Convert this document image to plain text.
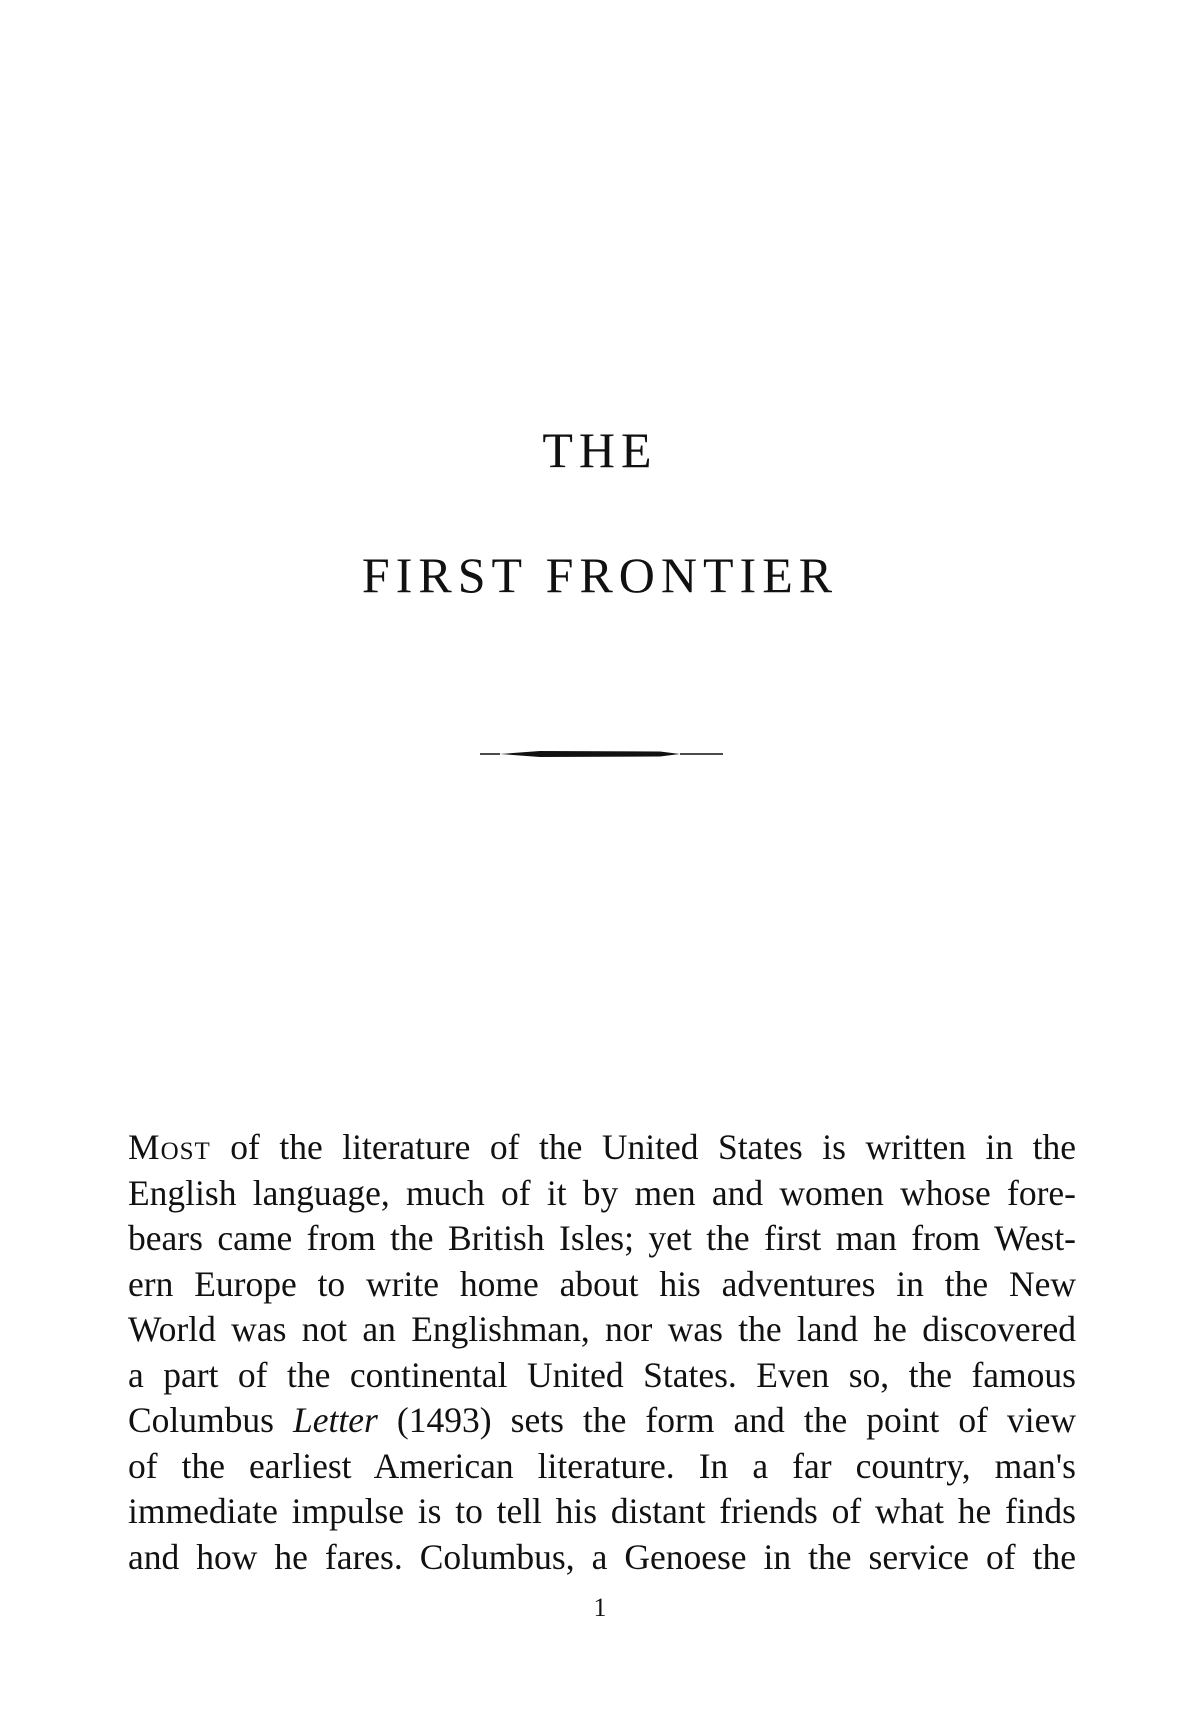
THE
FIRST FRONTIER
Most of the literature of the United States is written in the
English language, much of it by men and women whose fore-
bears came from the British Isles; yet the first man from West-
ern Europe to write home about his adventures in the New
World was not an Englishman, nor was the land he discovered
a part of the continental United States. Even so, the famous
Columbus Letter (1493) sets the form and the point of view
of the earliest American literature. In a far country, man's
immediate impulse is to tell his distant friends of what he finds
and how he fares. Columbus, a Genoese in the service of the
1
